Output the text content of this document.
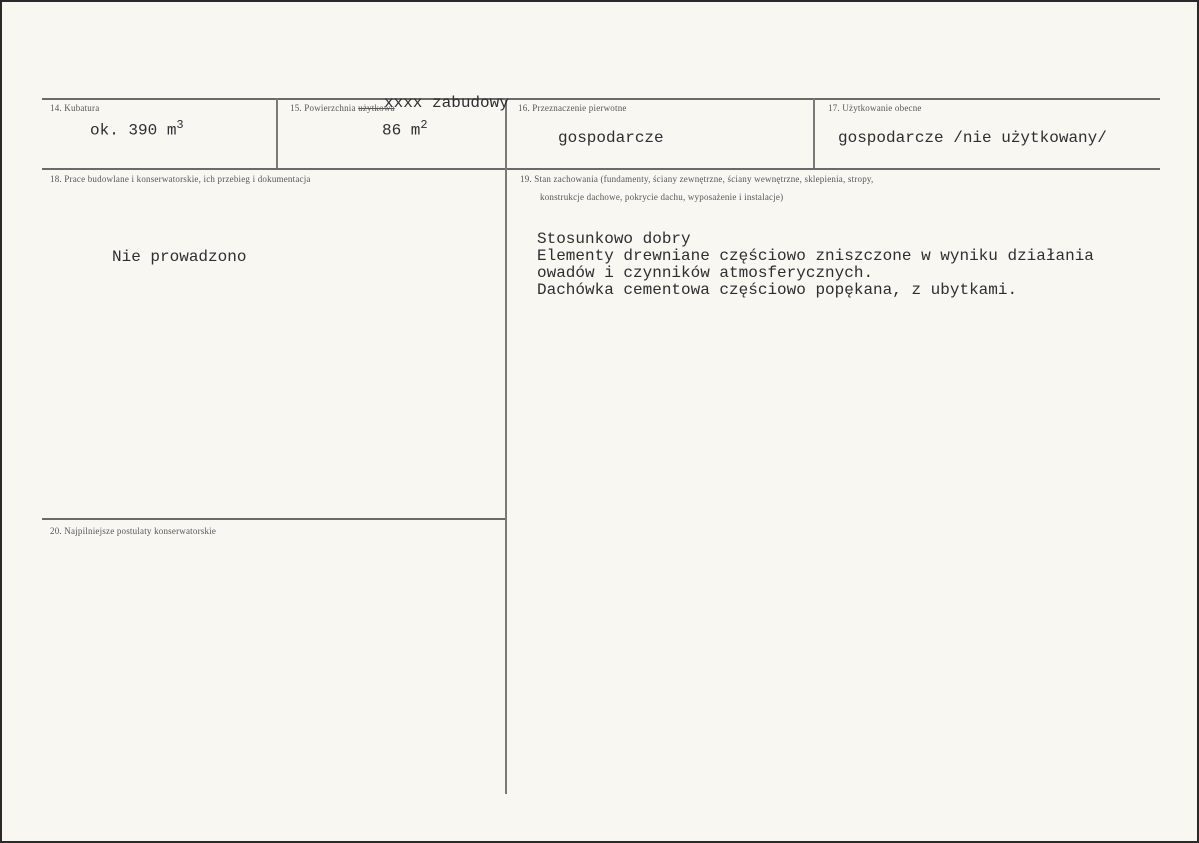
14. Kubatura
ok. 390 $m^3$
15. Powierzchnia użytkowa
xxxx zabudowy
86 $m^2$
16. Przeznaczenie pierwotne
gospodarcze
17. Użytkowanie obecne
gospodarcze /nie użytkowany/
18. Prace budowlane i konserwatorskie, ich przebieg i dokumentacja
Nie prowadzono
19. Stan zachowania (fundamenty, ściany zewnętrzne, ściany wewnętrzne, sklepienia, stropy,
konstrukcje dachowe, pokrycie dachu, wyposażenie i instalacje)
Stosunkowo dobry
Elementy drewniane częściowo zniszczone w wyniku działania
owadów i czynników atmosferycznych.
Dachówka cementowa częściowo popękana, z ubytkami.
20. Najpilniejsze postulaty konserwatorskie
